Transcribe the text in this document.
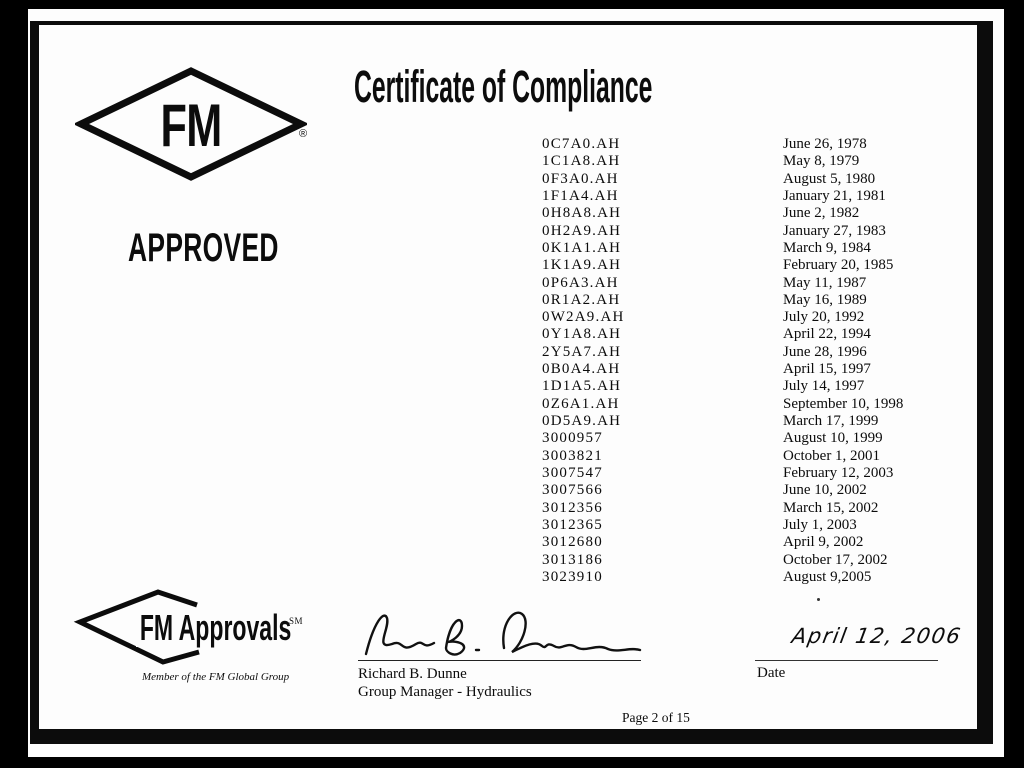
FM	®
APPROVED
Certificate of Compliance
0C7A0.AH	June 26, 1978
1C1A8.AH	May 8, 1979
0F3A0.AH	August 5, 1980
1F1A4.AH	January 21, 1981
0H8A8.AH	June 2, 1982
0H2A9.AH	January 27, 1983
0K1A1.AH	March 9, 1984
1K1A9.AH	February 20, 1985
0P6A3.AH	May 11, 1987
0R1A2.AH	May 16, 1989
0W2A9.AH	July 20, 1992
0Y1A8.AH	April 22, 1994
2Y5A7.AH	June 28, 1996
0B0A4.AH	April 15, 1997
1D1A5.AH	July 14, 1997
0Z6A1.AH	September 10, 1998
0D5A9.AH	March 17, 1999
3000957	August 10, 1999
3003821	October 1, 2001
3007547	February 12, 2003
3007566	June 10, 2002
3012356	March 15, 2002
3012365	July 1, 2003
3012680	April 9, 2002
3013186	October 17, 2002
3023910	August 9,2005
FM Approvals
SM
Member of the FM Global Group	Richard B. Dunne
Group Manager - Hydraulics
April 12, 2006
Date
Page 2 of 15
